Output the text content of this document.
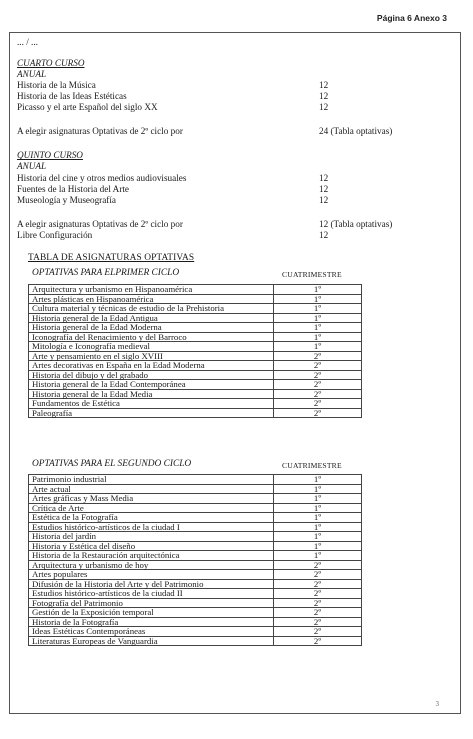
Página 6 Anexo 3
... / ...
CUARTO CURSO
ANUAL
Historia de la Música	12
Historia de las Ideas Estéticas	12
Picasso y el arte Español del siglo XX	12
A elegir asignaturas Optativas de 2º ciclo por	24 (Tabla optativas)
QUINTO CURSO
ANUAL
Historia del cine y otros medios audiovisuales	12
Fuentes de la Historia del Arte	12
Museología y Museografía	12
A elegir asignaturas Optativas de 2º ciclo por	12 (Tabla optativas)
Libre Configuración	12
TABLA DE ASIGNATURAS OPTATIVAS
OPTATIVAS PARA ELPRIMER CICLO	CUATRIMESTRE
Arquitectura y urbanismo en Hispanoamérica	1º
Artes plásticas en Hispanoamérica	1º
Cultura material y técnicas de estudio de la Prehistoria	1º
Historia general de la Edad Antigua	1º
Historia general de la Edad Moderna	1º
Iconografía del Renacimiento y del Barroco	1º
Mitología e Iconografía medieval	1º
Arte y pensamiento en el siglo XVIII	2º
Artes decorativas en España en la Edad Moderna	2º
Historia del dibujo y del grabado	2º
Historia general de la Edad Contemporánea	2º
Historia general de la Edad Media	2º
Fundamentos de Estética	2º
Paleografía	2º
OPTATIVAS PARA EL SEGUNDO CICLO	CUATRIMESTRE
Patrimonio industrial	1º
Arte actual	1º
Artes gráficas y Mass Media	1º
Crítica de Arte	1º
Estética de la Fotografía	1º
Estudios histórico-artísticos de la ciudad I	1º
Historia del jardín	1º
Historia y Estética del diseño	1º
Historia de la Restauración arquitectónica	1º
Arquitectura y urbanismo de hoy	2º
Artes populares	2º
Difusión de la Historia del Arte y del Patrimonio	2º
Estudios histórico-artísticos de la ciudad II	2º
Fotografía del Patrimonio	2º
Gestión de la Exposición temporal	2º
Historia de la Fotografía	2º
Ideas Estéticas Contemporáneas	2º
Literaturas Europeas de Vanguardia	2º
3
